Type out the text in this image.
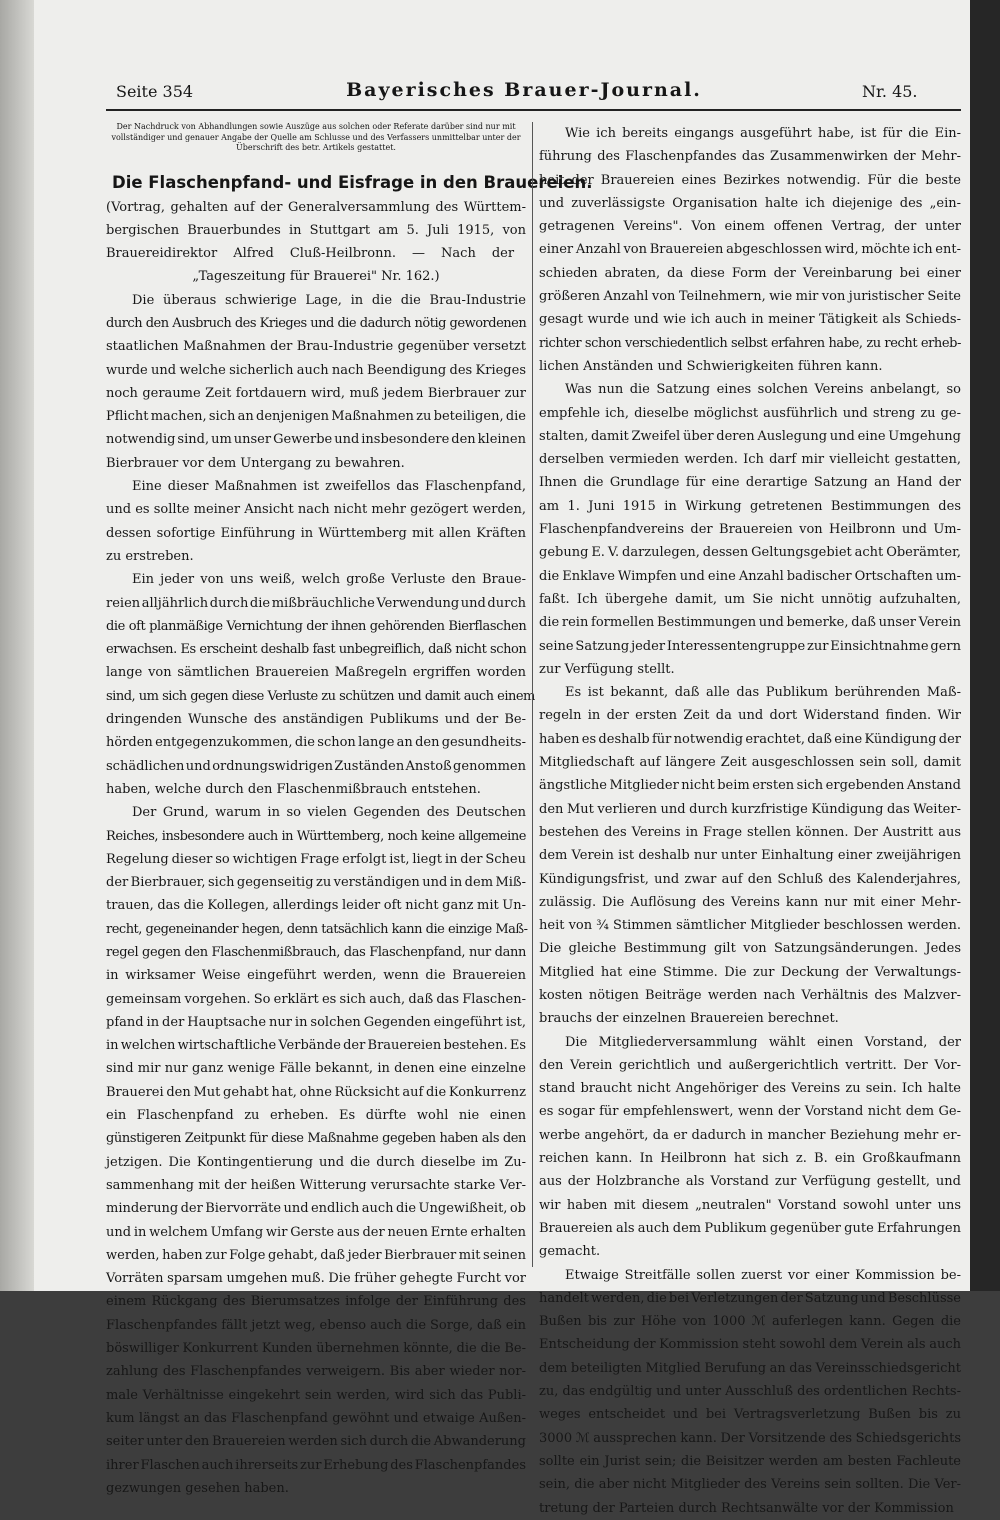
Seite 354	Bayerisches Brauer-Journal.	Nr. 45.
Der Nachdruck von Abhandlungen sowie Auszüge aus solchen oder Referate darüber sind nur mit vollständiger und genauer Angabe der Quelle am Schlusse und des Verfassers unmittelbar unter der Überschrift des betr. Artikels gestattet.
Die Flaschenpfand- und Eisfrage in den Brauereien.
(Vortrag, gehalten auf der Generalversammlung des Württem-
bergischen Brauerbundes in Stuttgart am 5. Juli 1915, von
Brauereidirektor Alfred Cluß-Heilbronn. — Nach der
„Tageszeitung für Brauerei" Nr. 162.)

Die überaus schwierige Lage, in die die Brau-Industrie
durch den Ausbruch des Krieges und die dadurch nötig gewordenen
staatlichen Maßnahmen der Brau-Industrie gegenüber versetzt
wurde und welche sicherlich auch nach Beendigung des Krieges
noch geraume Zeit fortdauern wird, muß jedem Bierbrauer zur
Pflicht machen, sich an denjenigen Maßnahmen zu beteiligen, die
notwendig sind, um unser Gewerbe und insbesondere den kleinen
Bierbrauer vor dem Untergang zu bewahren.

Eine dieser Maßnahmen ist zweifellos das Flaschenpfand,
und es sollte meiner Ansicht nach nicht mehr gezögert werden,
dessen sofortige Einführung in Württemberg mit allen Kräften
zu erstreben.

Ein jeder von uns weiß, welch große Verluste den Braue-
reien alljährlich durch die mißbräuchliche Verwendung und durch
die oft planmäßige Vernichtung der ihnen gehörenden Bierflaschen
erwachsen. Es erscheint deshalb fast unbegreiflich, daß nicht schon
lange von sämtlichen Brauereien Maßregeln ergriffen worden
sind, um sich gegen diese Verluste zu schützen und damit auch einem
dringenden Wunsche des anständigen Publikums und der Be-
hörden entgegenzukommen, die schon lange an den gesundheits-
schädlichen und ordnungswidrigen Zuständen Anstoß genommen
haben, welche durch den Flaschenmißbrauch entstehen.

Der Grund, warum in so vielen Gegenden des Deutschen
Reiches, insbesondere auch in Württemberg, noch keine allgemeine
Regelung dieser so wichtigen Frage erfolgt ist, liegt in der Scheu
der Bierbrauer, sich gegenseitig zu verständigen und in dem Miß-
trauen, das die Kollegen, allerdings leider oft nicht ganz mit Un-
recht, gegeneinander hegen, denn tatsächlich kann die einzige Maß-
regel gegen den Flaschenmißbrauch, das Flaschenpfand, nur dann
in wirksamer Weise eingeführt werden, wenn die Brauereien
gemeinsam vorgehen. So erklärt es sich auch, daß das Flaschen-
pfand in der Hauptsache nur in solchen Gegenden eingeführt ist,
in welchen wirtschaftliche Verbände der Brauereien bestehen. Es
sind mir nur ganz wenige Fälle bekannt, in denen eine einzelne
Brauerei den Mut gehabt hat, ohne Rücksicht auf die Konkurrenz
ein Flaschenpfand zu erheben. Es dürfte wohl nie einen
günstigeren Zeitpunkt für diese Maßnahme gegeben haben als den
jetzigen. Die Kontingentierung und die durch dieselbe im Zu-
sammenhang mit der heißen Witterung verursachte starke Ver-
minderung der Biervorräte und endlich auch die Ungewißheit, ob
und in welchem Umfang wir Gerste aus der neuen Ernte erhalten
werden, haben zur Folge gehabt, daß jeder Bierbrauer mit seinen
Vorräten sparsam umgehen muß. Die früher gehegte Furcht vor
einem Rückgang des Bierumsatzes infolge der Einführung des
Flaschenpfandes fällt jetzt weg, ebenso auch die Sorge, daß ein
böswilliger Konkurrent Kunden übernehmen könnte, die die Be-
zahlung des Flaschenpfandes verweigern. Bis aber wieder nor-
male Verhältnisse eingekehrt sein werden, wird sich das Publi-
kum längst an das Flaschenpfand gewöhnt und etwaige Außen-
seiter unter den Brauereien werden sich durch die Abwanderung
ihrer Flaschen auch ihrerseits zur Erhebung des Flaschenpfandes
gezwungen gesehen haben.

Wie ich bereits eingangs ausgeführt habe, ist für die Ein-
führung des Flaschenpfandes das Zusammenwirken der Mehr-
heit der Brauereien eines Bezirkes notwendig. Für die beste
und zuverlässigste Organisation halte ich diejenige des „ein-
getragenen Vereins". Von einem offenen Vertrag, der unter
einer Anzahl von Brauereien abgeschlossen wird, möchte ich ent-
schieden abraten, da diese Form der Vereinbarung bei einer
größeren Anzahl von Teilnehmern, wie mir von juristischer Seite
gesagt wurde und wie ich auch in meiner Tätigkeit als Schieds-
richter schon verschiedentlich selbst erfahren habe, zu recht erheb-
lichen Anständen und Schwierigkeiten führen kann.

Was nun die Satzung eines solchen Vereins anbelangt, so
empfehle ich, dieselbe möglichst ausführlich und streng zu ge-
stalten, damit Zweifel über deren Auslegung und eine Umgehung
derselben vermieden werden. Ich darf mir vielleicht gestatten,
Ihnen die Grundlage für eine derartige Satzung an Hand der
am 1. Juni 1915 in Wirkung getretenen Bestimmungen des
Flaschenpfandvereins der Brauereien von Heilbronn und Um-
gebung E. V. darzulegen, dessen Geltungsgebiet acht Oberämter,
die Enklave Wimpfen und eine Anzahl badischer Ortschaften um-
faßt. Ich übergehe damit, um Sie nicht unnötig aufzuhalten,
die rein formellen Bestimmungen und bemerke, daß unser Verein
seine Satzung jeder Interessentengruppe zur Einsichtnahme gern
zur Verfügung stellt.

Es ist bekannt, daß alle das Publikum berührenden Maß-
regeln in der ersten Zeit da und dort Widerstand finden. Wir
haben es deshalb für notwendig erachtet, daß eine Kündigung der
Mitgliedschaft auf längere Zeit ausgeschlossen sein soll, damit
ängstliche Mitglieder nicht beim ersten sich ergebenden Anstand
den Mut verlieren und durch kurzfristige Kündigung das Weiter-
bestehen des Vereins in Frage stellen können. Der Austritt aus
dem Verein ist deshalb nur unter Einhaltung einer zweijährigen
Kündigungsfrist, und zwar auf den Schluß des Kalenderjahres,
zulässig. Die Auflösung des Vereins kann nur mit einer Mehr-
heit von ¾ Stimmen sämtlicher Mitglieder beschlossen werden.
Die gleiche Bestimmung gilt von Satzungsänderungen. Jedes
Mitglied hat eine Stimme. Die zur Deckung der Verwaltungs-
kosten nötigen Beiträge werden nach Verhältnis des Malzver-
brauchs der einzelnen Brauereien berechnet.

Die Mitgliederversammlung wählt einen Vorstand, der
den Verein gerichtlich und außergerichtlich vertritt. Der Vor-
stand braucht nicht Angehöriger des Vereins zu sein. Ich halte
es sogar für empfehlenswert, wenn der Vorstand nicht dem Ge-
werbe angehört, da er dadurch in mancher Beziehung mehr er-
reichen kann. In Heilbronn hat sich z. B. ein Großkaufmann
aus der Holzbranche als Vorstand zur Verfügung gestellt, und
wir haben mit diesem „neutralen" Vorstand sowohl unter uns
Brauereien als auch dem Publikum gegenüber gute Erfahrungen
gemacht.

Etwaige Streitfälle sollen zuerst vor einer Kommission be-
handelt werden, die bei Verletzungen der Satzung und Beschlüsse
Bußen bis zur Höhe von 1000 ℳ auferlegen kann. Gegen die
Entscheidung der Kommission steht sowohl dem Verein als auch
dem beteiligten Mitglied Berufung an das Vereinsschiedsgericht
zu, das endgültig und unter Ausschluß des ordentlichen Rechts-
weges entscheidet und bei Vertragsverletzung Bußen bis zu
3000 ℳ aussprechen kann. Der Vorsitzende des Schiedsgerichts
sollte ein Jurist sein; die Beisitzer werden am besten Fachleute
sein, die aber nicht Mitglieder des Vereins sein sollten. Die Ver-
tretung der Parteien durch Rechtsanwälte vor der Kommission
